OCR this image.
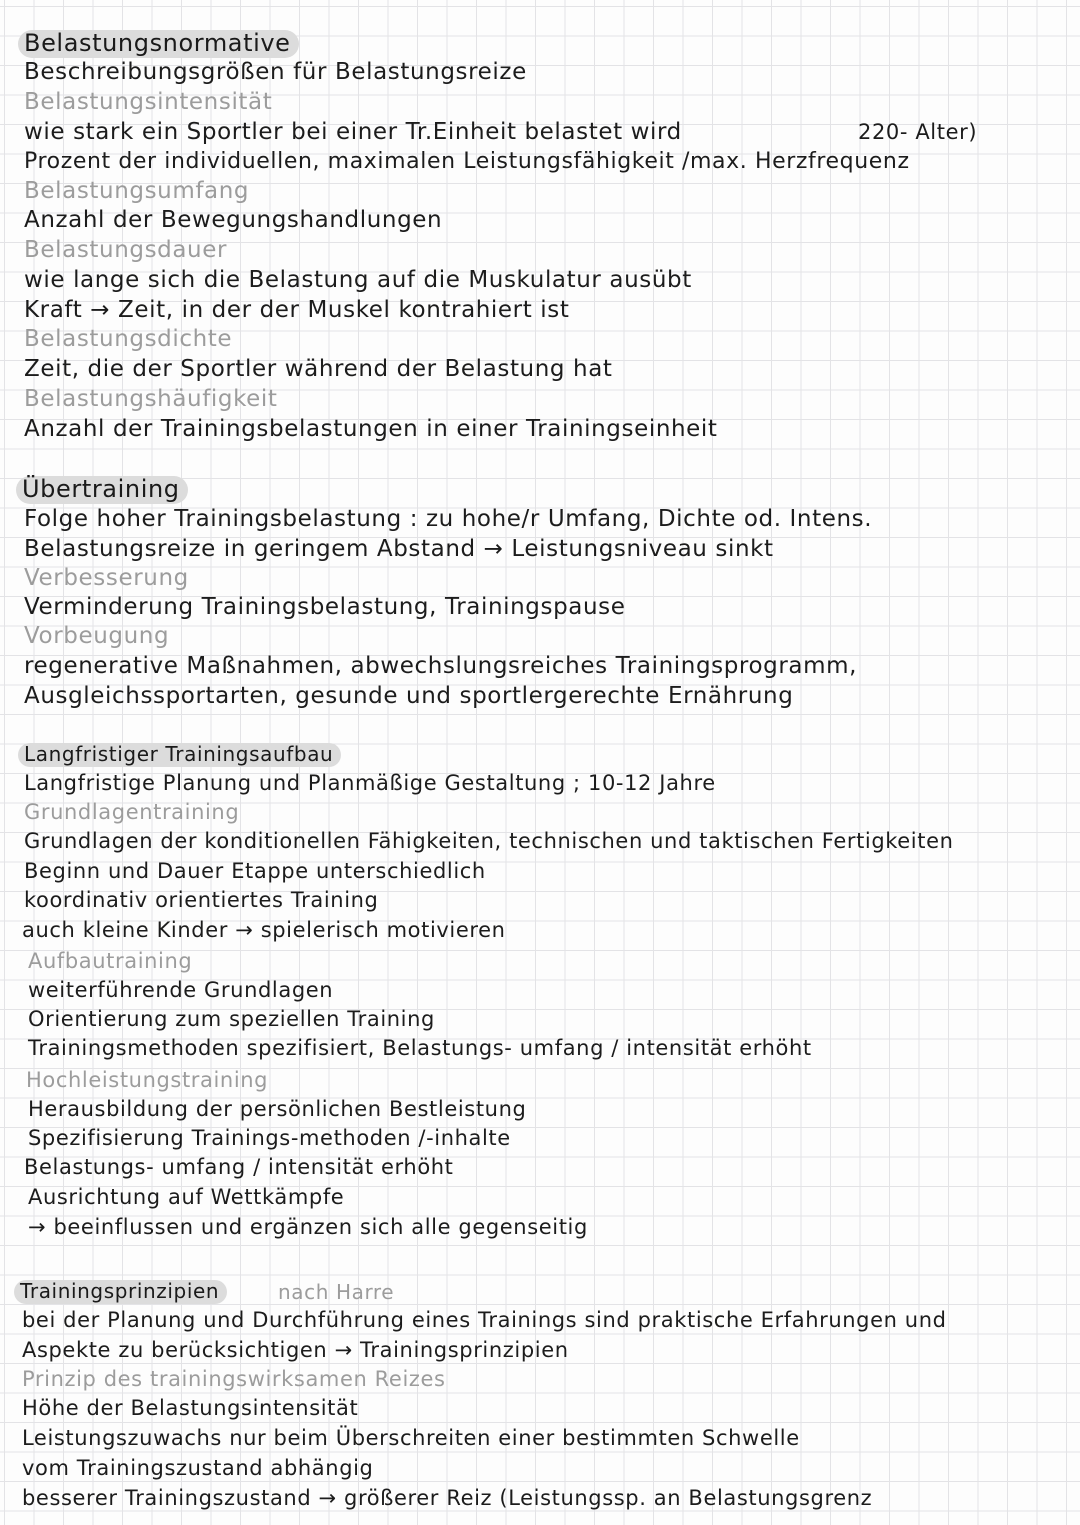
Belastungsnormative
Beschreibungsgrößen für Belastungsreize
Belastungsintensität
wie stark ein Sportler bei einer Tr.Einheit belastet wird	220- Alter)
Prozent der individuellen, maximalen Leistungsfähigkeit /max. Herzfrequenz
Belastungsumfang
Anzahl der Bewegungshandlungen
Belastungsdauer
wie lange sich die Belastung auf die Muskulatur ausübt
Kraft → Zeit, in der der Muskel kontrahiert ist
Belastungsdichte
Zeit, die der Sportler während der Belastung hat
Belastungshäufigkeit
Anzahl der Trainingsbelastungen in einer Trainingseinheit
Übertraining
Folge hoher Trainingsbelastung : zu hohe/r Umfang, Dichte od. Intens.
Belastungsreize in geringem Abstand → Leistungsniveau sinkt
Verbesserung
Verminderung Trainingsbelastung, Trainingspause
Vorbeugung
regenerative Maßnahmen, abwechslungsreiches Trainingsprogramm,
Ausgleichssportarten, gesunde und sportlergerechte Ernährung
Langfristiger Trainingsaufbau
Langfristige Planung und Planmäßige Gestaltung ; 10-12 Jahre
Grundlagentraining
Grundlagen der konditionellen Fähigkeiten, technischen und taktischen Fertigkeiten
Beginn und Dauer Etappe unterschiedlich
koordinativ orientiertes Training
auch kleine Kinder → spielerisch motivieren
Aufbautraining
weiterführende Grundlagen
Orientierung zum speziellen Training
Trainingsmethoden spezifisiert, Belastungs- umfang / intensität erhöht
Hochleistungstraining
Herausbildung der persönlichen Bestleistung
Spezifisierung Trainings-methoden /-inhalte
Belastungs- umfang / intensität erhöht
Ausrichtung auf Wettkämpfe
→ beeinflussen und ergänzen sich alle gegenseitig
Trainingsprinzipien	nach Harre
bei der Planung und Durchführung eines Trainings sind praktische Erfahrungen und
Aspekte zu berücksichtigen → Trainingsprinzipien
Prinzip des trainingswirksamen Reizes
Höhe der Belastungsintensität
Leistungszuwachs nur beim Überschreiten einer bestimmten Schwelle
vom Trainingszustand abhängig
besserer Trainingszustand → größerer Reiz (Leistungssp. an Belastungsgrenz
